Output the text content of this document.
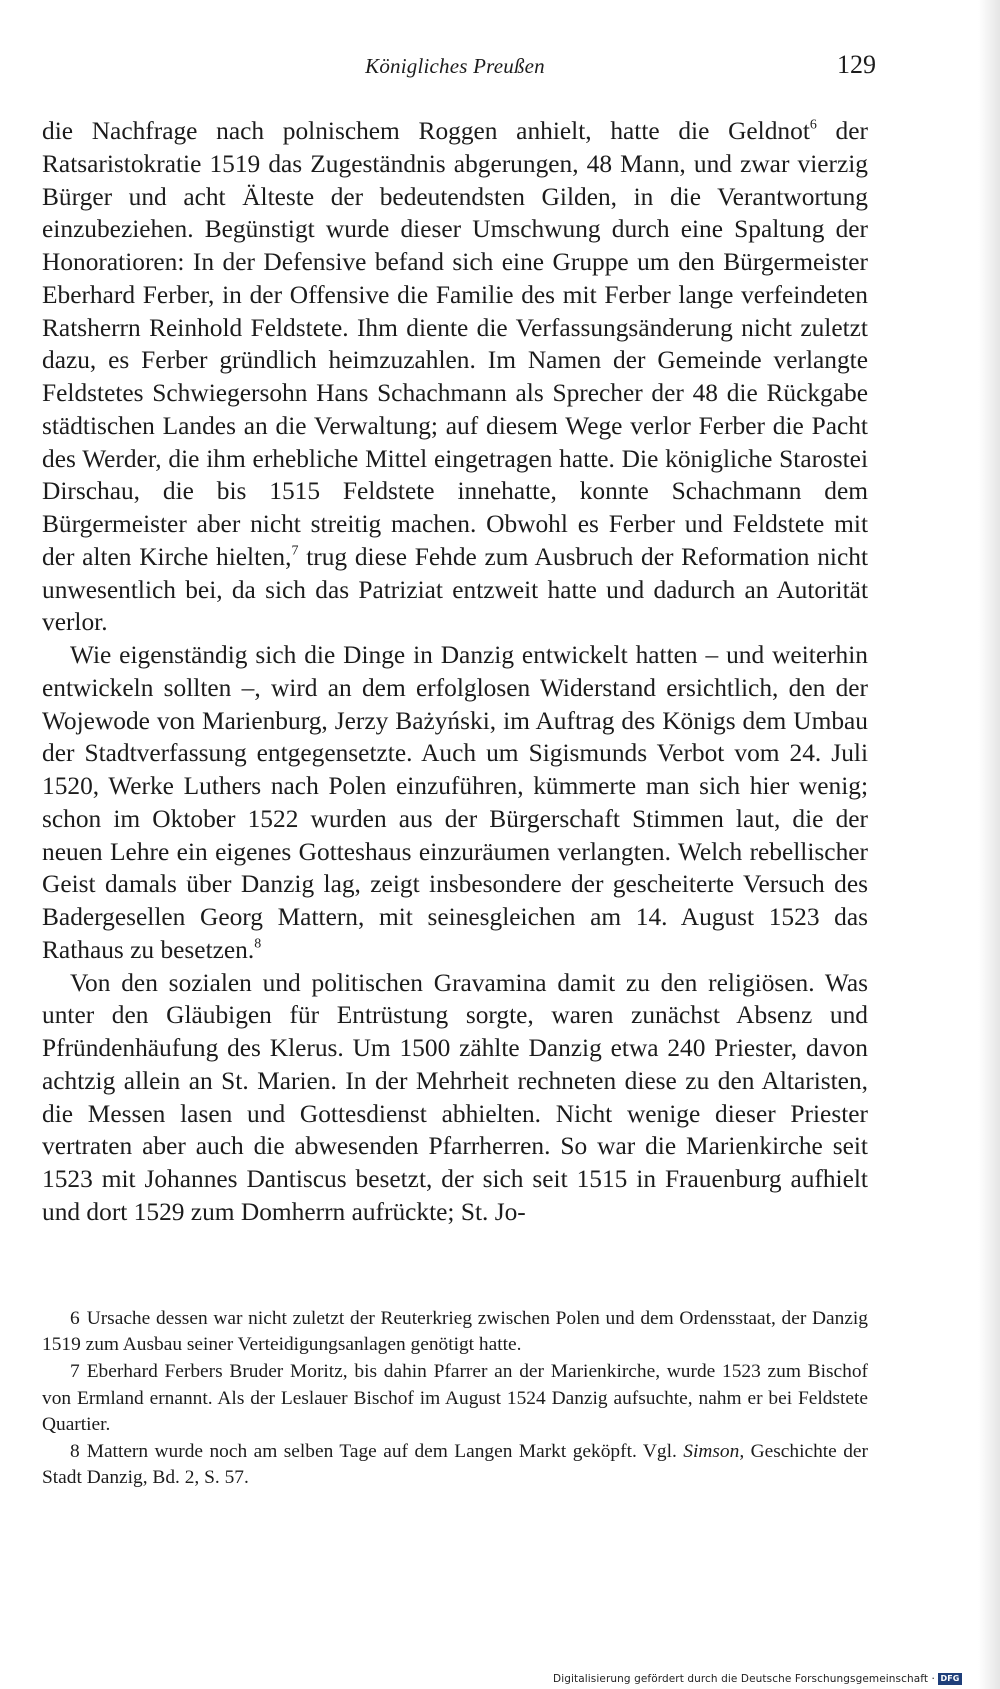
Königliches Preußen	129

die Nachfrage nach polnischem Roggen anhielt, hatte die Geldnot$^6$ der Ratsaristokratie 1519 das Zugeständnis abgerungen, 48 Mann, und zwar vierzig Bürger und acht Älteste der bedeutendsten Gilden, in die Verantwortung einzubeziehen. Begünstigt wurde dieser Umschwung durch eine Spaltung der Honoratioren: In der Defensive befand sich eine Gruppe um den Bürgermeister Eberhard Ferber, in der Offensive die Familie des mit Ferber lange verfeindeten Ratsherrn Reinhold Feldstete. Ihm diente die Verfassungsänderung nicht zuletzt dazu, es Ferber gründlich heimzuzahlen. Im Namen der Gemeinde verlangte Feldstetes Schwiegersohn Hans Schachmann als Sprecher der 48 die Rückgabe städtischen Landes an die Verwaltung; auf diesem Wege verlor Ferber die Pacht des Werder, die ihm erhebliche Mittel eingetragen hatte. Die königliche Starostei Dirschau, die bis 1515 Feldstete innehatte, konnte Schachmann dem Bürgermeister aber nicht streitig machen. Obwohl es Ferber und Feldstete mit der alten Kirche hielten,$^7$ trug diese Fehde zum Ausbruch der Reformation nicht unwesentlich bei, da sich das Patriziat entzweit hatte und dadurch an Autorität verlor.

Wie eigenständig sich die Dinge in Danzig entwickelt hatten – und weiterhin entwickeln sollten –, wird an dem erfolglosen Widerstand ersichtlich, den der Wojewode von Marienburg, Jerzy Bażyński, im Auftrag des Königs dem Umbau der Stadtverfassung entgegensetzte. Auch um Sigismunds Verbot vom 24. Juli 1520, Werke Luthers nach Polen einzuführen, kümmerte man sich hier wenig; schon im Oktober 1522 wurden aus der Bürgerschaft Stimmen laut, die der neuen Lehre ein eigenes Gotteshaus einzuräumen verlangten. Welch rebellischer Geist damals über Danzig lag, zeigt insbesondere der gescheiterte Versuch des Badergesellen Georg Mattern, mit seinesgleichen am 14. August 1523 das Rathaus zu besetzen.$^8$

Von den sozialen und politischen Gravamina damit zu den religiösen. Was unter den Gläubigen für Entrüstung sorgte, waren zunächst Absenz und Pfründenhäufung des Klerus. Um 1500 zählte Danzig etwa 240 Priester, davon achtzig allein an St. Marien. In der Mehrheit rechneten diese zu den Altaristen, die Messen lasen und Gottesdienst abhielten. Nicht wenige dieser Priester vertraten aber auch die abwesenden Pfarrherren. So war die Marienkirche seit 1523 mit Johannes Dantiscus besetzt, der sich seit 1515 in Frauenburg aufhielt und dort 1529 zum Domherrn aufrückte; St. Jo-

6 Ursache dessen war nicht zuletzt der Reuterkrieg zwischen Polen und dem Ordensstaat, der Danzig 1519 zum Ausbau seiner Verteidigungsanlagen genötigt hatte.

7 Eberhard Ferbers Bruder Moritz, bis dahin Pfarrer an der Marienkirche, wurde 1523 zum Bischof von Ermland ernannt. Als der Leslauer Bischof im August 1524 Danzig aufsuchte, nahm er bei Feldstete Quartier.

8 Mattern wurde noch am selben Tage auf dem Langen Markt geköpft. Vgl. Simson, Geschichte der Stadt Danzig, Bd. 2, S. 57.

Digitalisierung gefördert durch die Deutsche Forschungsgemeinschaft · DFG
